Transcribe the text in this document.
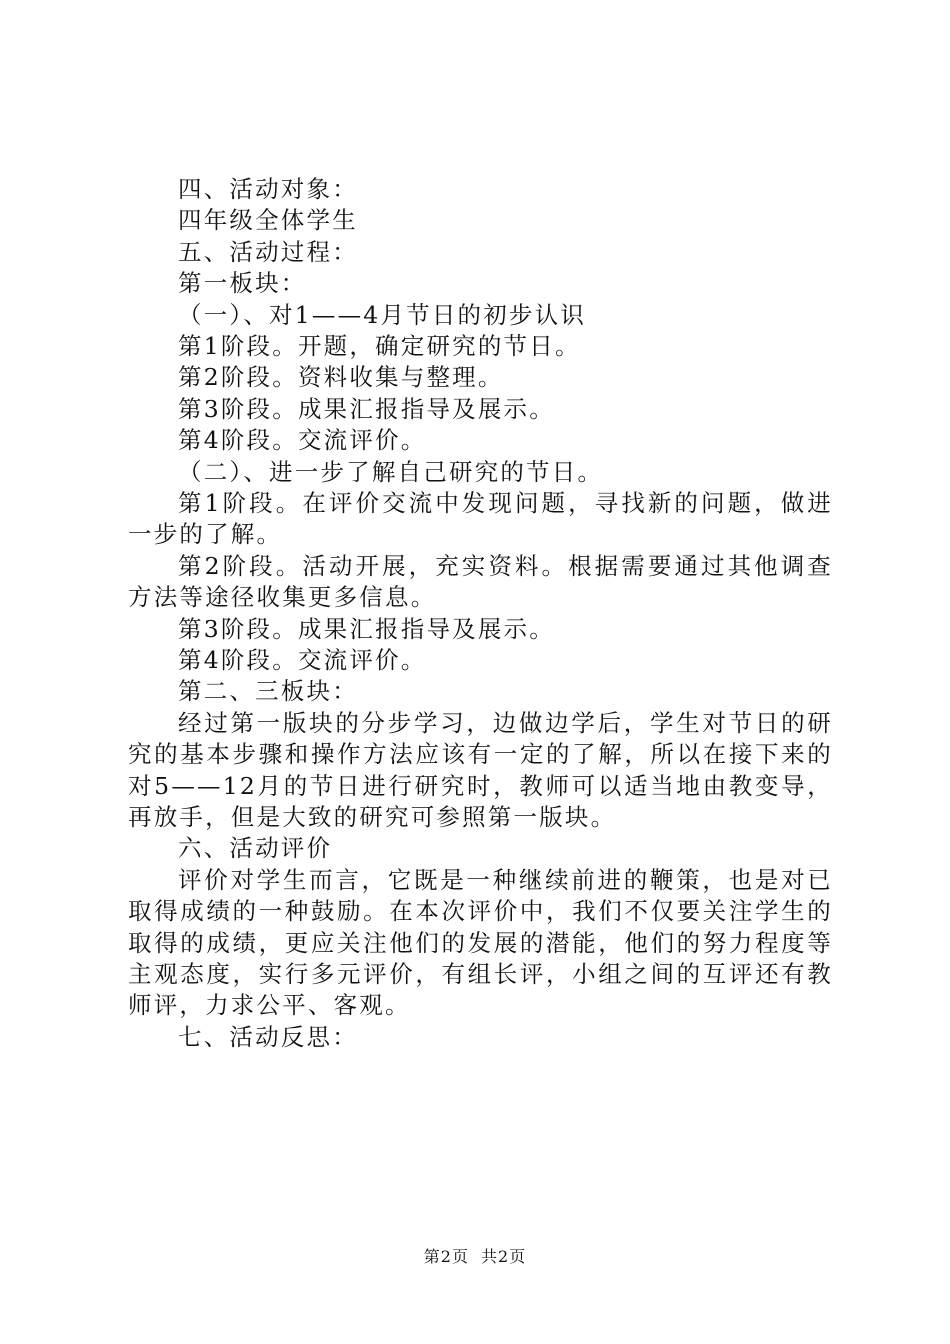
四、活动对象：
四年级全体学生
五、活动过程：
第一板块：
（一）、对1——4月节日的初步认识
第1阶段。开题，确定研究的节日。
第2阶段。资料收集与整理。
第3阶段。成果汇报指导及展示。
第4阶段。交流评价。
（二）、进一步了解自己研究的节日。
第1阶段。在评价交流中发现问题，寻找新的问题，做进一步的了解。
第2阶段。活动开展，充实资料。根据需要通过其他调查方法等途径收集更多信息。
第3阶段。成果汇报指导及展示。
第4阶段。交流评价。
第二、三板块：
经过第一版块的分步学习，边做边学后，学生对节日的研究的基本步骤和操作方法应该有一定的了解，所以在接下来的对5——12月的节日进行研究时，教师可以适当地由教变导，再放手，但是大致的研究可参照第一版块。
六、活动评价
评价对学生而言，它既是一种继续前进的鞭策，也是对已取得成绩的一种鼓励。在本次评价中，我们不仅要关注学生的取得的成绩，更应关注他们的发展的潜能，他们的努力程度等主观态度，实行多元评价，有组长评，小组之间的互评还有教师评，力求公平、客观。
七、活动反思：
第2页 共2页
